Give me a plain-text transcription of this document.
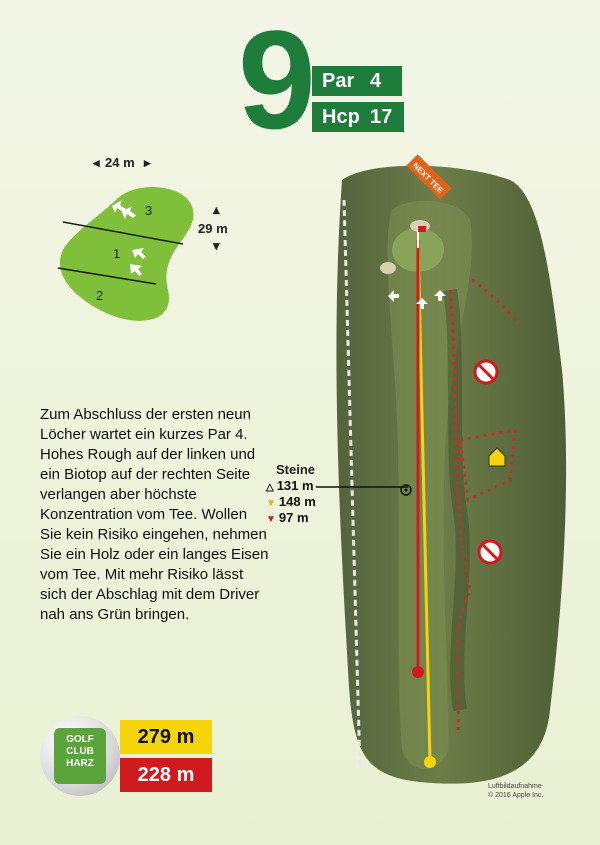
9 Par 4
Hcp 17
◂ 24 m ▸
3
1
2
▴
29 m
▾
Zum Abschluss der ersten neun Löcher wartet ein kurzes Par 4. Hohes Rough auf der linken und ein Biotop auf der rechten Seite verlangen aber höchste Konzentration vom Tee. Wollen Sie kein Risiko eingehen, nehmen Sie ein Holz oder ein langes Eisen vom Tee. Mit mehr Risiko lässt sich der Abschlag mit dem Driver nah ans Grün bringen.
NEXT TEE
Steine
△ 131 m
▼ 148 m
▼ 97 m
GOLF
CLUB
HARZ
279 m
228 m
Luftbildaufnahme
© 2016 Apple Inc.
